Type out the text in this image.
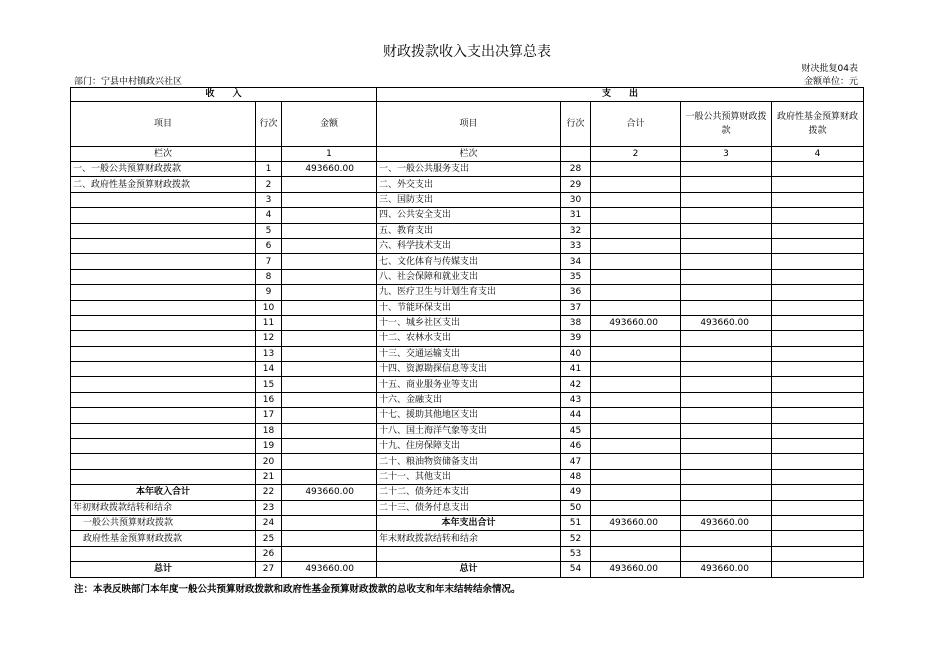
财政拨款收入支出决算总表
财决批复04表
金额单位：元
部门：宁县中村镇政兴社区
收　　入			支　　出				
项目	行次	金额	项目	行次	合计	一般公共预算财政拨款	政府性基金预算财政拨款
栏次		1	栏次		2	3	4
一、一般公共预算财政拨款	1	493660.00	一、一般公共服务支出	28			
二、政府性基金预算财政拨款	2		二、外交支出	29			
	3		三、国防支出	30			
	4		四、公共安全支出	31			
	5		五、教育支出	32			
	6		六、科学技术支出	33			
	7		七、文化体育与传媒支出	34			
	8		八、社会保障和就业支出	35			
	9		九、医疗卫生与计划生育支出	36			
	10		十、节能环保支出	37			
	11		十一、城乡社区支出	38	493660.00	493660.00	
	12		十二、农林水支出	39			
	13		十三、交通运输支出	40			
	14		十四、资源勘探信息等支出	41			
	15		十五、商业服务业等支出	42			
	16		十六、金融支出	43			
	17		十七、援助其他地区支出	44			
	18		十八、国土海洋气象等支出	45			
	19		十九、住房保障支出	46			
	20		二十、粮油物资储备支出	47			
	21		二十一、其他支出	48			
本年收入合计	22	493660.00	二十二、债务还本支出	49			
年初财政拨款结转和结余	23		二十三、债务付息支出	50			
一般公共预算财政拨款	24		本年支出合计	51	493660.00	493660.00	
政府性基金预算财政拨款	25		年末财政拨款结转和结余	52			
	26			53			
总计	27	493660.00	总计	54	493660.00	493660.00	
注：本表反映部门本年度一般公共预算财政拨款和政府性基金预算财政拨款的总收支和年末结转结余情况。
